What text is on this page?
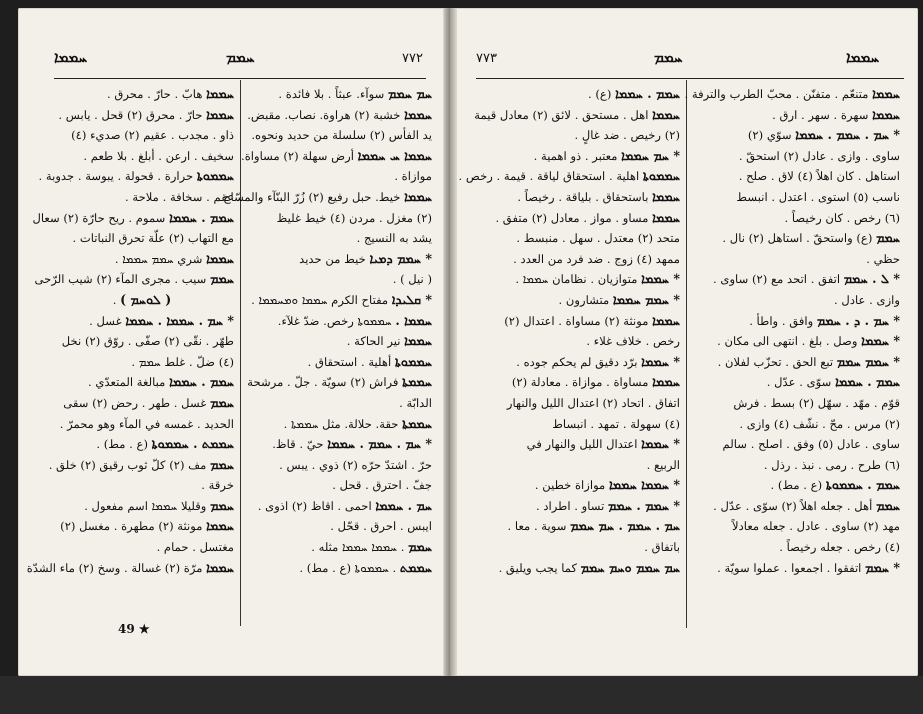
ܚܡܡܐ	ܚܡܡ	٧٧٢
ܚܡܡܐ هابّ . حارّ . محرق .
ܚܡܡܐ حارّ . محرق (٢) قحل . يابس .
ذاو . مجدب . عقيم (٢) صديء (٤)
سخيف . ارعن . أبلغ . بلا طعم .
ܚܡܡܘܬܐ حرارة . قحولة . يبوسة . جدوبة .
عقم . سخافة . ملاحة .
ܚܡܡ . ܚܡܡܐ سموم . ريح حارّة (٢) سعال
مع التهاب (٢) علّة تحرق النباتات .
ܚܡܡܐ شري ܚܡܡ ܚܡܡܐ .
ܚܡܡ سيب . مجرى المآء (٢) شيب الرّحى
( ܠܘܚܡ ) .
* ܚܡ . ܚܡܡܐ . ܚܡܡܐ غسل .
طهّر . نقّى (٢) صفّى . روّق (٢) نخل
(٤) ضلّ . غلط ܚܡܡ .
ܚܡܡ . ܚܡܡܐ مبالغة المتعدّي .
ܚܡܡ غسل . طهر . رحض (٢) سقى
الحديد . غمسه في المآء وهو محمرّ .
ܚܡܡܬ . ܚܡܡܘܬܐ (ع . مط) .
ܚܡܡ مف (٢) كلّ ثوب رقيق (٢) خلق .
خرقة .
ܚܡܡ وقليلا ܚܡܡܐ اسم مفعول .
ܚܡܡܐ مونثة (٢) مطهرة . مغسل (٢)
مغتسل . حمام .
ܚܡܡܐ مرّة (٢) غسالة . وسخ (٢) ماء الشدّة
ܚܡ ܚܡܡ سوآء. عبثاً . بلا فائدة .
ܚܡܡܐ خشبة (٢) هراوة. نصاب. مقبض.
يد الفأس (٢) سلسلة من حديد ونحوه.
ܚܡܡܐ ܚ ܚܡܡܐ أرض سهلة (٢) مساواة.
موازاة .
ܚܡܡܐ خيط. حبل رفيع (٢) زُرّ البنّآء والمسّاح
(٢) مغزل . مردن (٤) خيط غليظ
يشد به النسيج .
* ܚܡܡ ܕܡܝܐ خيط من حديد
( نيل ) .
* ܩܠܝܕܐ مفتاح الكرم ܚܡܡܐ ܘܡܚܡܡܐ .
ܚܡܡܐ . ܚܡܡܘܬܐ رخص. ضدّ غلآء.
ܚܡܡܐ نير الحاكة .
ܚܡܡܘܬܐ أهلية . استحقاق .
ܚܡܡܬܐ فراش (٢) سويّة . جلّ . مرشحة
الدابّة .
ܚܡܡܬܐ حقة. حلالة. مثل ܚܡܡܬܐ .
* ܚܡ . ܚܡܡ . ܚܡܡܐ حيّ . قاظ.
حرّ . اشتدّ حرّه (٢) ذوي . يبس .
جفّ . احترق . قحل .
ܚܡ . ܚܡܡܐ احمى . اقاظ (٢) اذوى .
ايبس . احرق . قحّل .
ܚܡܡ . ܚܡܡܐ ܚܡܡܐ مثله .
ܚܡܡܬ . ܚܡܡܘܬܐ (ع . مط) .
49 ★
٧٧٣	ܚܡܡ	ܚܡܡܐ
ܚܡܡ . ܚܡܡܐ (ع) .
ܚܡܡܐ اهل . مستحق . لائق (٢) معادل قيمة
(٢) رخيص . ضد غالٍ .
* ܚܡ ܚܡܡܐ معتبر . ذو اهمية .
ܚܡܡܘܬܐ اهلية . استحقاق لياقة . قيمة . رخص .
ܚܡܡܐ باستحقاق . بلياقة . رخيصاً .
ܚܡܡܐ مساو . مواز . معادل (٢) متفق .
متحد (٢) معتدل . سهل . منبسط .
ممهد (٤) زوج . ضد فرد من العدد .
* ܚܡܡܐ متوازيان . نظامان ܚܡܡܐ .
* ܚܡܡ ܚܡܡܐ متشارون .
ܚܡܡܐ مونثة (٢) مساواة . اعتدال (٢)
رخص . خلاف غلاء .
* ܚܡܡܐ برّد دقيق لم يحكم جوده .
ܚܡܡܐ مساواة . موازاة . معادلة (٢)
اتفاق . اتحاد (٢) اعتدال الليل والنهار
(٤) سهولة . تمهد . انبساط
* ܚܡܡܐ اعتدال الليل والنهار في
الربيع .
* ܚܡܡܐ ܚܡܡܐ موازاة خطين .
* ܚܡܡ . ܚܡܡ تساو . اطراد .
ܚܡ . ܚܡܡ . ܚܡ ܚܡܡ سوية . معا .
باتفاق .
ܚܡ ܚܡܡ ܘܚܡ ܚܡܡ كما يجب ويليق .
ܚܡܡܐ متنعّم . متفنّن . محبّ الطرب والترفة .
ܚܡܡܐ سهرة . سهر . ارق .
* ܚܡ . ܚܡܡ . ܚܡܡܐ سوّي (٢)
ساوى . وازى . عادل (٢) استحقّ .
استاهل . كان اهلاً (٤) لاق . صلح .
ناسب (٥) استوى . اعتدل . انبسط
(٦) رخص . كان رخيصاً .
ܚܡܡ (ع) واستحقّ . استاهل (٢) نال .
حظي .
* ܠ . ܚܡܡ اتفق . اتحد مع (٢) ساوى .
وازى . عادل .
* ܚܡ . ܕ . ܚܡܡ وافق . واطأ .
* ܚܡܡܐ وصل . بلغ . انتهى الى مكان .
* ܚܡܡ ܚܡܡ تبع الحق . تحزّب لفلان .
ܚܡܡ . ܚܡܡܐ سوّى . عدّل .
قوّم . مهّد . سهّل (٢) بسط . فرش
(٢) مرس . محّ . نشّف (٤) وازى .
ساوى . عادل (٥) وفق . اصلح . سالم
(٦) طرح . رمى . نبذ . رذل .
ܚܡܡ . ܚܡܡܘܬܐ (ع . مط) .
ܚܡܡ أهل . جعله اهلاً (٢) سوّى . عدّل .
مهد (٢) ساوى . عادل . جعله معادلاً
(٤) رخص . جعله رخيصاً .
* ܚܡܡ اتفقوا . اجمعوا . عملوا سويّة .
